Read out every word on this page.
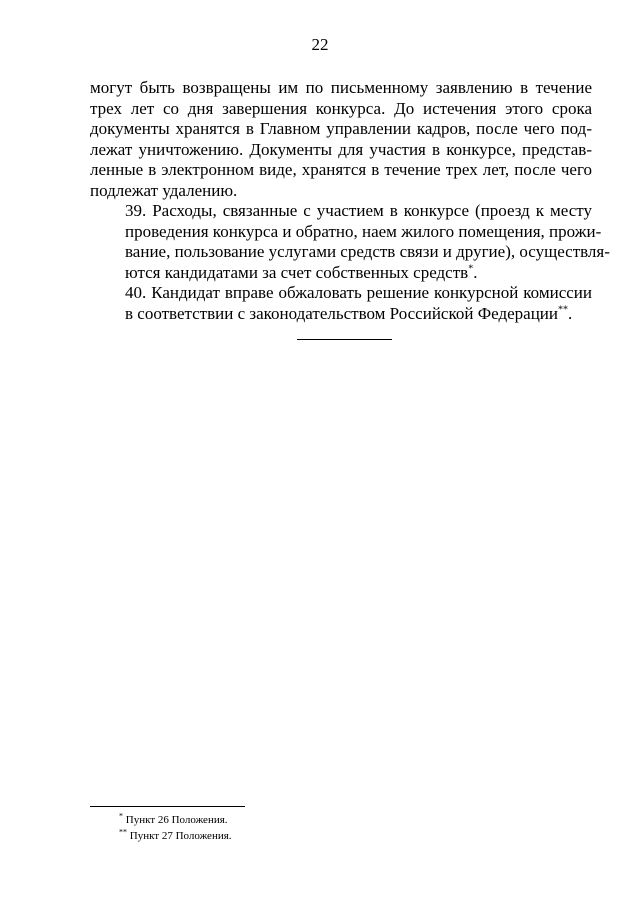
22

могут быть возвращены им по письменному заявлению в течение
трех лет со дня завершения конкурса. До истечения этого срока
документы хранятся в Главном управлении кадров, после чего под-
лежат уничтожению. Документы для участия в конкурсе, представ-
ленные в электронном виде, хранятся в течение трех лет, после чего
подлежат удалению.

39. Расходы, связанные с участием в конкурсе (проезд к месту
проведения конкурса и обратно, наем жилого помещения, прожи-
вание, пользование услугами средств связи и другие), осуществля-
ются кандидатами за счет собственных средств*.

40. Кандидат вправе обжаловать решение конкурсной комиссии
в соответствии с законодательством Российской Федерации**.

* Пункт 26 Положения.
** Пункт 27 Положения.
